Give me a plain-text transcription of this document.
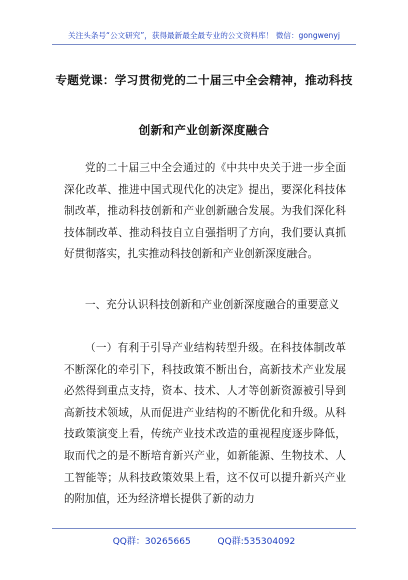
关注头条号“公文研究”，获得最新最全最专业的公文资料库！ 微信：gongwenyj
专题党课：学习贯彻党的二十届三中全会精神，推动科技
创新和产业创新深度融合
党的二十届三中全会通过的《中共中央关于进一步全面深化改革、推进中国式现代化的决定》提出，要深化科技体制改革，推动科技创新和产业创新融合发展。为我们深化科技体制改革、推动科技自立自强指明了方向，我们要认真抓好贯彻落实，扎实推动科技创新和产业创新深度融合。
一、充分认识科技创新和产业创新深度融合的重要意义
（一）有利于引导产业结构转型升级。在科技体制改革不断深化的牵引下，科技政策不断出台，高新技术产业发展必然得到重点支持，资本、技术、人才等创新资源被引导到高新技术领域，从而促进产业结构的不断优化和升级。从科技政策演变上看，传统产业技术改造的重视程度逐步降低，取而代之的是不断培育新兴产业，如新能源、生物技术、人工智能等；从科技政策效果上看，这不仅可以提升新兴产业的附加值，还为经济增长提供了新的动力
QQ群：30265665	QQ群:535304092
